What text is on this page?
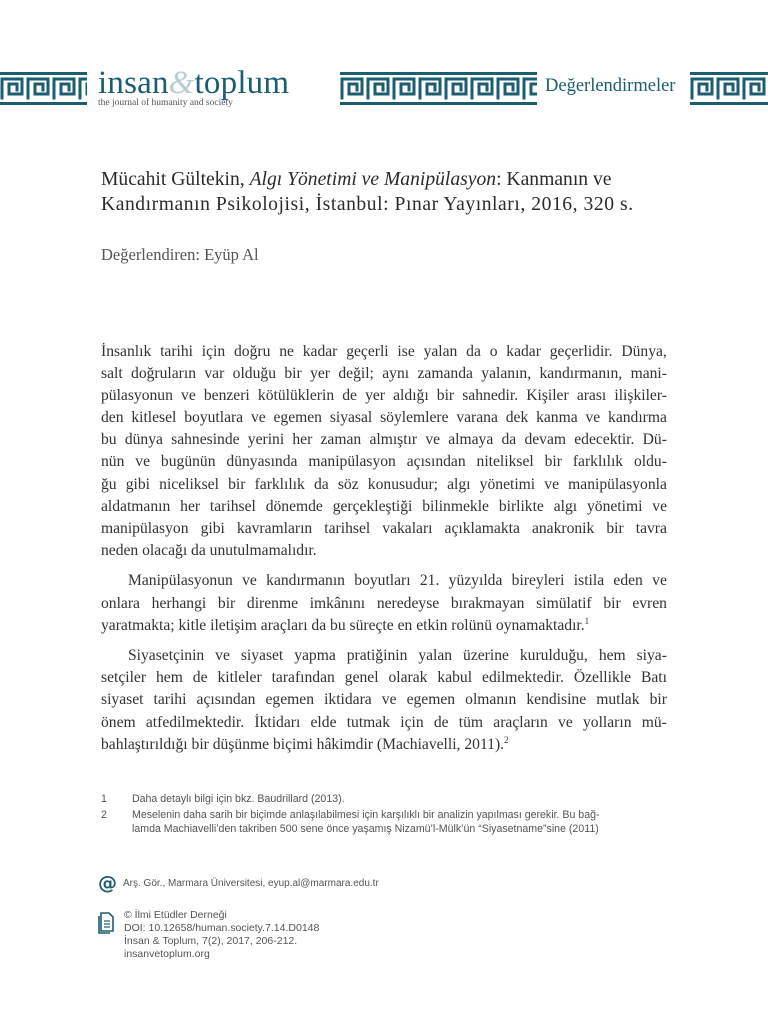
insan&toplum
the journal of humanity and society
Değerlendirmeler
Mücahit Gültekin, Algı Yönetimi ve Manipülasyon: Kanmanın ve
Kandırmanın Psikolojisi, İstanbul: Pınar Yayınları, 2016, 320 s.
Değerlendiren: Eyüp Al
İnsanlık tarihi için doğru ne kadar geçerli ise yalan da o kadar geçerlidir. Dünya,
salt doğruların var olduğu bir yer değil; aynı zamanda yalanın, kandırmanın, mani-
pülasyonun ve benzeri kötülüklerin de yer aldığı bir sahnedir. Kişiler arası ilişkiler-
den kitlesel boyutlara ve egemen siyasal söylemlere varana dek kanma ve kandırma
bu dünya sahnesinde yerini her zaman almıştır ve almaya da devam edecektir. Dü-
nün ve bugünün dünyasında manipülasyon açısından niteliksel bir farklılık oldu-
ğu gibi niceliksel bir farklılık da söz konusudur; algı yönetimi ve manipülasyonla
aldatmanın her tarihsel dönemde gerçekleştiği bilinmekle birlikte algı yönetimi ve
manipülasyon gibi kavramların tarihsel vakaları açıklamakta anakronik bir tavra
neden olacağı da unutulmamalıdır.
Manipülasyonun ve kandırmanın boyutları 21. yüzyılda bireyleri istila eden ve
onlara herhangi bir direnme imkânını neredeyse bırakmayan simülatif bir evren
yaratmakta; kitle iletişim araçları da bu süreçte en etkin rolünü oynamaktadır.$^1$
Siyasetçinin ve siyaset yapma pratiğinin yalan üzerine kurulduğu, hem siya-
setçiler hem de kitleler tarafından genel olarak kabul edilmektedir. Özellikle Batı
siyaset tarihi açısından egemen iktidara ve egemen olmanın kendisine mutlak bir
önem atfedilmektedir. İktidarı elde tutmak için de tüm araçların ve yolların mü-
bahlaştırıldığı bir düşünme biçimi hâkimdir (Machiavelli, 2011).$^2$
1	Daha detaylı bilgi için bkz. Baudrillard (2013).
2	Meselenin daha sarih bir biçimde anlaşılabilmesi için karşılıklı bir analizin yapılması gerekir. Bu bağ-
lamda Machiavelli’den takriben 500 sene önce yaşamış Nizamü’l-Mülk’ün “Siyasetname”sine (2011)
@ Arş. Gör., Marmara Üniversitesi, eyup.al@marmara.edu.tr
© İlmi Etüdler Derneği
DOI: 10.12658/human.society.7.14.D0148
İnsan & Toplum, 7(2), 2017, 206-212.
insanvetoplum.org
